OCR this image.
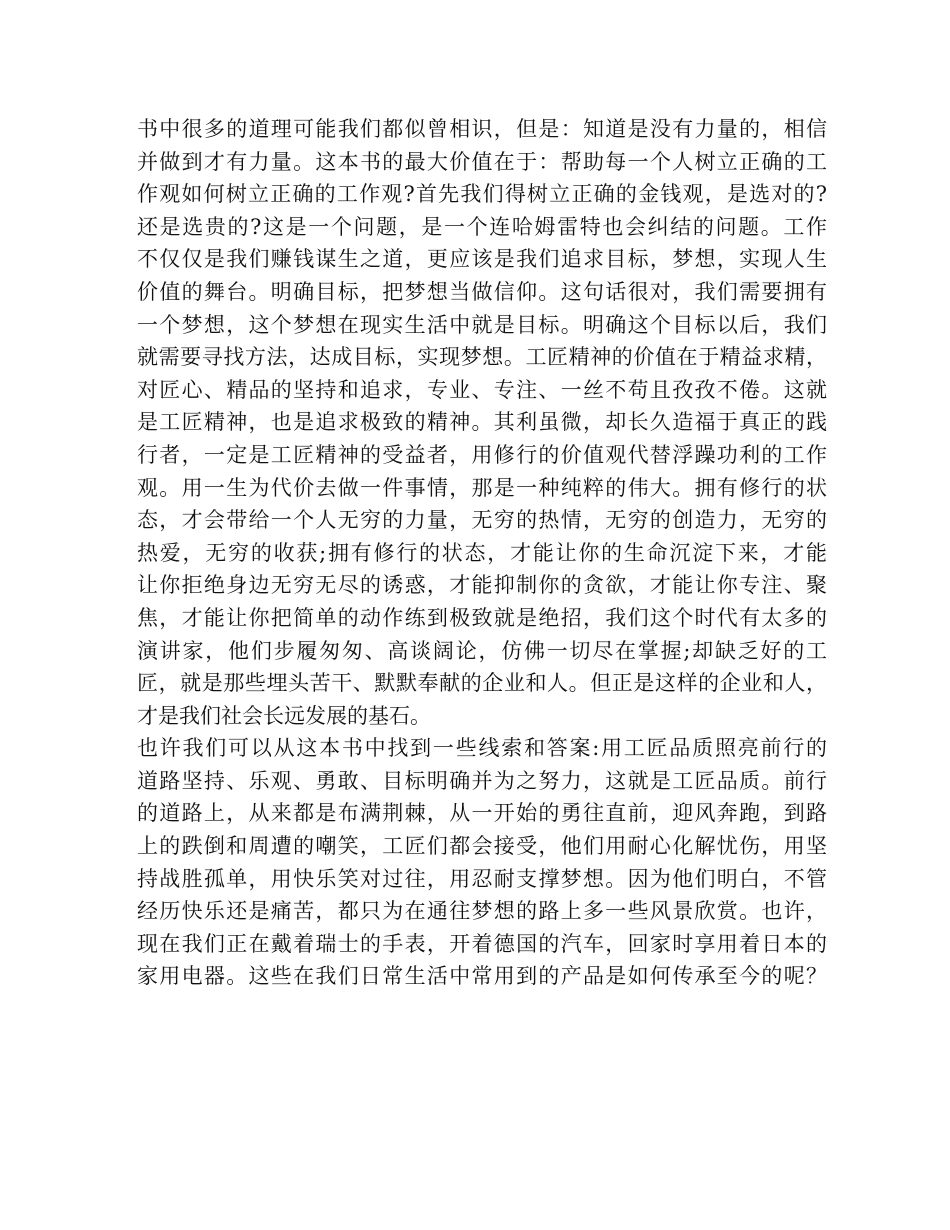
书中很多的道理可能我们都似曾相识，但是：知道是没有力量的，相信
并做到才有力量。这本书的最大价值在于：帮助每一个人树立正确的工
作观如何树立正确的工作观?首先我们得树立正确的金钱观，是选对的?
还是选贵的?这是一个问题，是一个连哈姆雷特也会纠结的问题。工作
不仅仅是我们赚钱谋生之道，更应该是我们追求目标，梦想，实现人生
价值的舞台。明确目标，把梦想当做信仰。这句话很对，我们需要拥有
一个梦想，这个梦想在现实生活中就是目标。明确这个目标以后，我们
就需要寻找方法，达成目标，实现梦想。工匠精神的价值在于精益求精，
对匠心、精品的坚持和追求，专业、专注、一丝不苟且孜孜不倦。这就
是工匠精神，也是追求极致的精神。其利虽微，却长久造福于真正的践
行者，一定是工匠精神的受益者，用修行的价值观代替浮躁功利的工作
观。用一生为代价去做一件事情，那是一种纯粹的伟大。拥有修行的状
态，才会带给一个人无穷的力量，无穷的热情，无穷的创造力，无穷的
热爱，无穷的收获;拥有修行的状态，才能让你的生命沉淀下来，才能
让你拒绝身边无穷无尽的诱惑，才能抑制你的贪欲，才能让你专注、聚
焦，才能让你把简单的动作练到极致就是绝招，我们这个时代有太多的
演讲家，他们步履匆匆、高谈阔论，仿佛一切尽在掌握;却缺乏好的工
匠，就是那些埋头苦干、默默奉献的企业和人。但正是这样的企业和人，
才是我们社会长远发展的基石。
也许我们可以从这本书中找到一些线索和答案:用工匠品质照亮前行的
道路坚持、乐观、勇敢、目标明确并为之努力，这就是工匠品质。前行
的道路上，从来都是布满荆棘，从一开始的勇往直前，迎风奔跑，到路
上的跌倒和周遭的嘲笑，工匠们都会接受，他们用耐心化解忧伤，用坚
持战胜孤单，用快乐笑对过往，用忍耐支撑梦想。因为他们明白，不管
经历快乐还是痛苦，都只为在通往梦想的路上多一些风景欣赏。也许，
现在我们正在戴着瑞士的手表，开着德国的汽车，回家时享用着日本的
家用电器。这些在我们日常生活中常用到的产品是如何传承至今的呢？
